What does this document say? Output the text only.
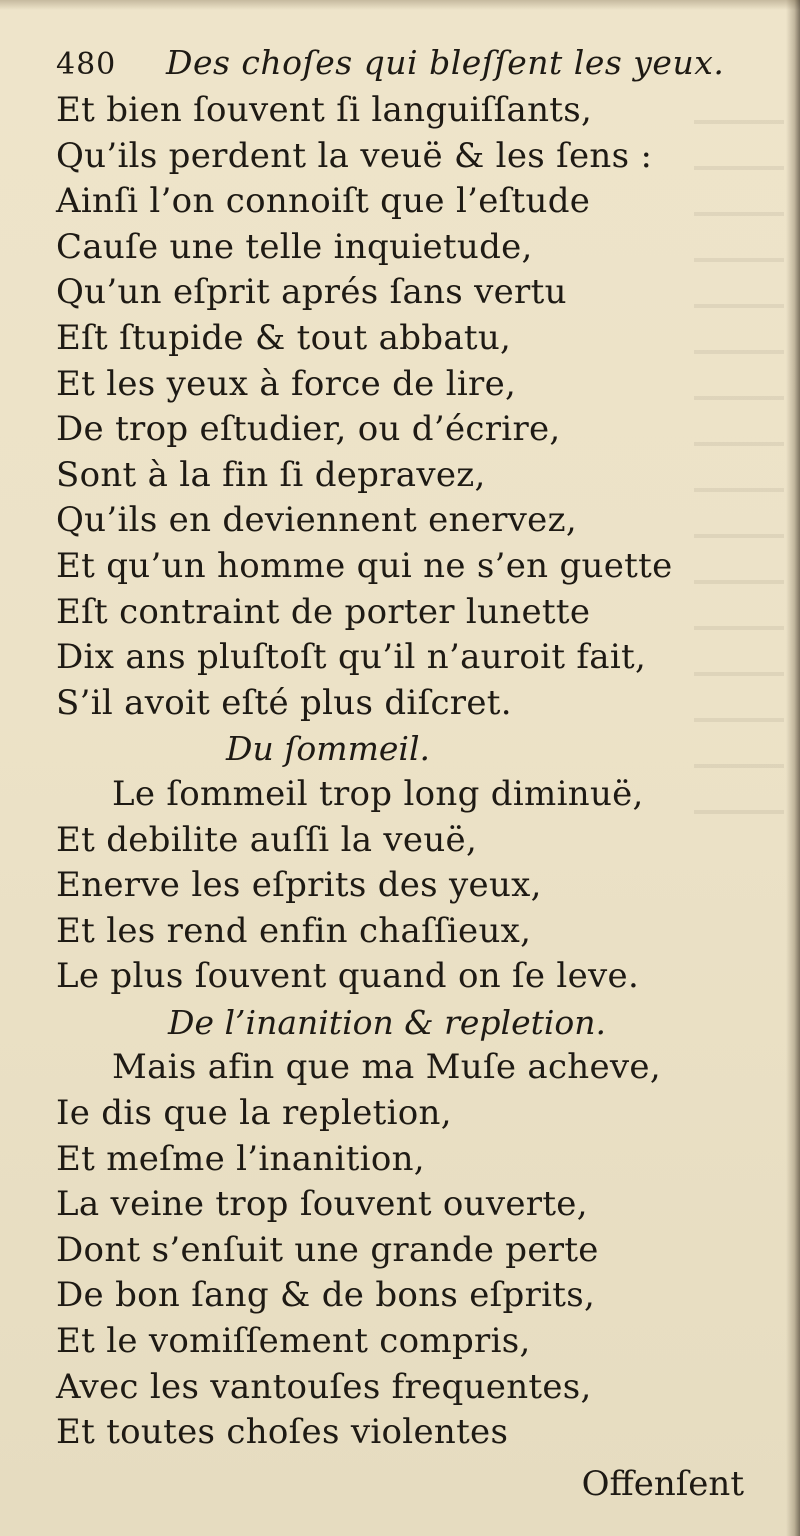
480	Des choſes qui bleſſent les yeux.
Et bien ſouvent ſi languiſſants,
Qu’ils perdent la veuë & les ſens :
Ainſi l’on connoiſt que l’eſtude
Cauſe une telle inquietude,
Qu’un eſprit aprés ſans vertu
Eſt ſtupide & tout abbatu,
Et les yeux à force de lire,
De trop eſtudier, ou d’écrire,
Sont à la fin ſi depravez,
Qu’ils en deviennent enervez,
Et qu’un homme qui ne s’en guette
Eſt contraint de porter lunette
Dix ans pluſtoſt qu’il n’auroit fait,
S’il avoit eſté plus diſcret.
Du ſommeil.
Le ſommeil trop long diminuë,
Et debilite auſſi la veuë,
Enerve les eſprits des yeux,
Et les rend enfin chaſſieux,
Le plus ſouvent quand on ſe leve.
De l’inanition & repletion.
Mais afin que ma Muſe acheve,
Ie dis que la repletion,
Et meſme l’inanition,
La veine trop ſouvent ouverte,
Dont s’enſuit une grande perte
De bon ſang & de bons eſprits,
Et le vomiſſement compris,
Avec les vantouſes frequentes,
Et toutes choſes violentes
Offenſent
